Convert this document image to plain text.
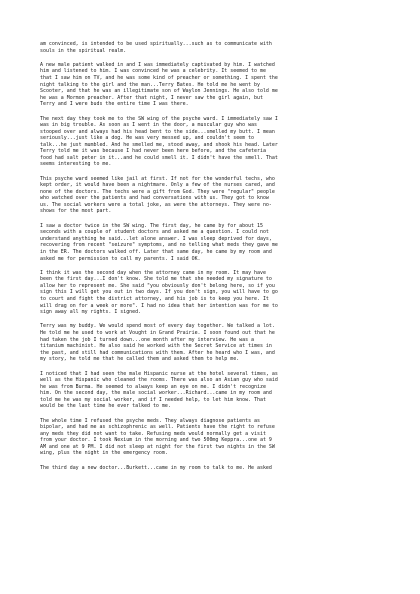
am convinced, is intended to be used spiritually...such as to communicate with
souls in the spiritual realm.

A new male patient walked in and I was immediately captivated by him. I watched
him and listened to him. I was convinced he was a celebrity. It seemed to me
that I saw him on TV, and he was some kind of preacher or something. I spent the
night talking to the girl and the man...Terry Bates. He told me he went by
Scooter, and that he was an illegitimate son of Waylon Jennings. He also told me
he was a Mormon preacher. After that night, I never saw the girl again, but
Terry and I were buds the entire time I was there.

The next day they took me to the SW wing of the psyche ward. I immediately saw I
was in big trouble. As soon as I went in the door, a muscular guy who was
stooped over and always had his head bent to the side...smelled my butt. I mean
seriously...just like a dog. He was very messed up, and couldn't seem to
talk...he just mumbled. And he smelled me, stood away, and shook his head. Later
Terry told me it was because I had never been here before, and the cafeteria
food had salt peter in it...and he could smell it. I didn't have the smell. That
seems interesting to me.

This psyche ward seemed like jail at first. If not for the wonderful techs, who
kept order, it would have been a nightmare. Only a few of the nurses cared, and
none of the doctors. The techs were a gift from God. They were "regular" people
who watched over the patients and had conversations with us. They got to know
us. The social workers were a total joke, as were the attorneys. They were no-
shows for the most part.

I saw a doctor twice in the SW wing. The first day, he came by for about 15
seconds with a couple of student doctors and asked me a question. I could not
understand anything he said...let alone answer. I was sleep deprived for days,
recovering from recent "seizure" symptoms, and no telling what meds they gave me
in the ER. The doctors walked off. Later that same day, he came by my room and
asked me for permission to call my parents. I said OK.

I think it was the second day when the attorney came in my room. It may have
been the first day...I don't know. She told me that she needed my signature to
allow her to represent me. She said "you obviously don't belong here, so if you
sign this I will get you out in two days. If you don't sign, you will have to go
to court and fight the district attorney, and his job is to keep you here. It
will drag on for a week or more". I had no idea that her intention was for me to
sign away all my rights. I signed.

Terry was my buddy. We would spend most of every day together. We talked a lot.
He told me he used to work at Vought in Grand Prairie. I soon found out that he
had taken the job I turned down...one month after my interview. He was a
titanium machinist. He also said he worked with the Secret Service at times in
the past, and still had communications with them. After he heard who I was, and
my story, he told me that he called them and asked them to help me.

I noticed that I had seen the male Hispanic nurse at the hotel several times, as
well as the Hispanic who cleaned the rooms. There was also an Asian guy who said
he was from Burma. He seemed to always keep an eye on me. I didn't recognize
him. On the second day, the male social worker...Richard...came in my room and
told me he was my social worker, and if I needed help, to let him know. That
would be the last time he ever talked to me.

The whole time I refused the psyche meds. They always diagnose patients as
bipolar, and had me as schizophrenic as well. Patients have the right to refuse
any meds they did not want to take. Refusing meds would normally get a visit
from your doctor. I took Nexium in the morning and two 500mg Keppra...one at 9
AM and one at 9 PM. I did not sleep at night for the first two nights in the SW
wing, plus the night in the emergency room.

The third day a new doctor...Burkett...came in my room to talk to me. He asked
